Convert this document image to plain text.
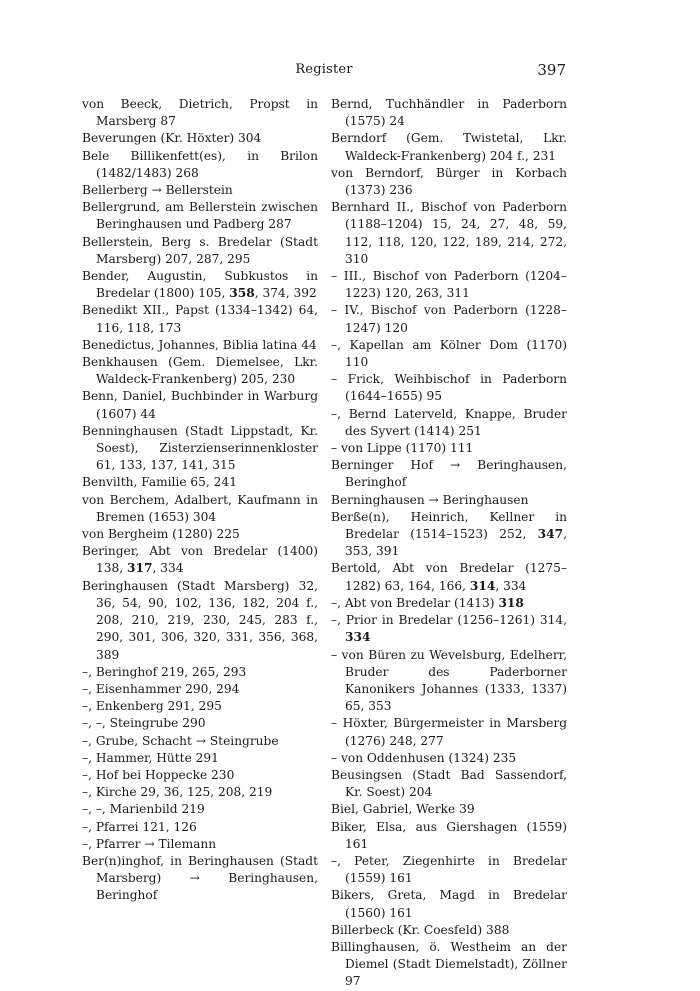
Register	397
von Beeck, Dietrich, Propst in Marsberg 87
Beverungen (Kr. Höxter) 304
Bele Billikenfett(es), in Brilon (1482/1483) 268
Bellerberg → Bellerstein
Bellergrund, am Bellerstein zwischen Beringhausen und Padberg 287
Bellerstein, Berg s. Bredelar (Stadt Marsberg) 207, 287, 295
Bender, Augustin, Subkustos in Bredelar (1800) 105, 358, 374, 392
Benedikt XII., Papst (1334–1342) 64, 116, 118, 173
Benedictus, Johannes, Biblia latina 44
Benkhausen (Gem. Diemelsee, Lkr. Waldeck-Frankenberg) 205, 230
Benn, Daniel, Buchbinder in Warburg (1607) 44
Benninghausen (Stadt Lippstadt, Kr. Soest), Zisterzienserinnenkloster 61, 133, 137, 141, 315
Benvilth, Familie 65, 241
von Berchem, Adalbert, Kaufmann in Bremen (1653) 304
von Bergheim (1280) 225
Beringer, Abt von Bredelar (1400) 138, 317, 334
Beringhausen (Stadt Marsberg) 32, 36, 54, 90, 102, 136, 182, 204 f., 208, 210, 219, 230, 245, 283 f., 290, 301, 306, 320, 331, 356, 368, 389
–, Beringhof 219, 265, 293
–, Eisenhammer 290, 294
–, Enkenberg 291, 295
–, –, Steingrube 290
–, Grube, Schacht → Steingrube
–, Hammer, Hütte 291
–, Hof bei Hoppecke 230
–, Kirche 29, 36, 125, 208, 219
–, –, Marienbild 219
–, Pfarrei 121, 126
–, Pfarrer → Tilemann
Ber(n)inghof, in Beringhausen (Stadt Marsberg) → Beringhausen, Beringhof
Bernd, Tuchhändler in Paderborn (1575) 24
Berndorf (Gem. Twistetal, Lkr. Waldeck-Frankenberg) 204 f., 231
von Berndorf, Bürger in Korbach (1373) 236
Bernhard II., Bischof von Paderborn (1188–1204) 15, 24, 27, 48, 59, 112, 118, 120, 122, 189, 214, 272, 310
– III., Bischof von Paderborn (1204–1223) 120, 263, 311
– IV., Bischof von Paderborn (1228–1247) 120
–, Kapellan am Kölner Dom (1170) 110
– Frick, Weihbischof in Paderborn (1644–1655) 95
–, Bernd Laterveld, Knappe, Bruder des Syvert (1414) 251
– von Lippe (1170) 111
Berninger Hof → Beringhausen, Beringhof
Berninghausen → Beringhausen
Berße(n), Heinrich, Kellner in Bredelar (1514–1523) 252, 347, 353, 391
Bertold, Abt von Bredelar (1275–1282) 63, 164, 166, 314, 334
–, Abt von Bredelar (1413) 318
–, Prior in Bredelar (1256–1261) 314, 334
– von Büren zu Wevelsburg, Edelherr, Bruder des Paderborner Kanonikers Johannes (1333, 1337) 65, 353
– Höxter, Bürgermeister in Marsberg (1276) 248, 277
– von Oddenhusen (1324) 235
Beusingsen (Stadt Bad Sassendorf, Kr. Soest) 204
Biel, Gabriel, Werke 39
Biker, Elsa, aus Giershagen (1559) 161
–, Peter, Ziegenhirte in Bredelar (1559) 161
Bikers, Greta, Magd in Bredelar (1560) 161
Billerbeck (Kr. Coesfeld) 388
Billinghausen, ö. Westheim an der Diemel (Stadt Diemelstadt), Zöllner 97
